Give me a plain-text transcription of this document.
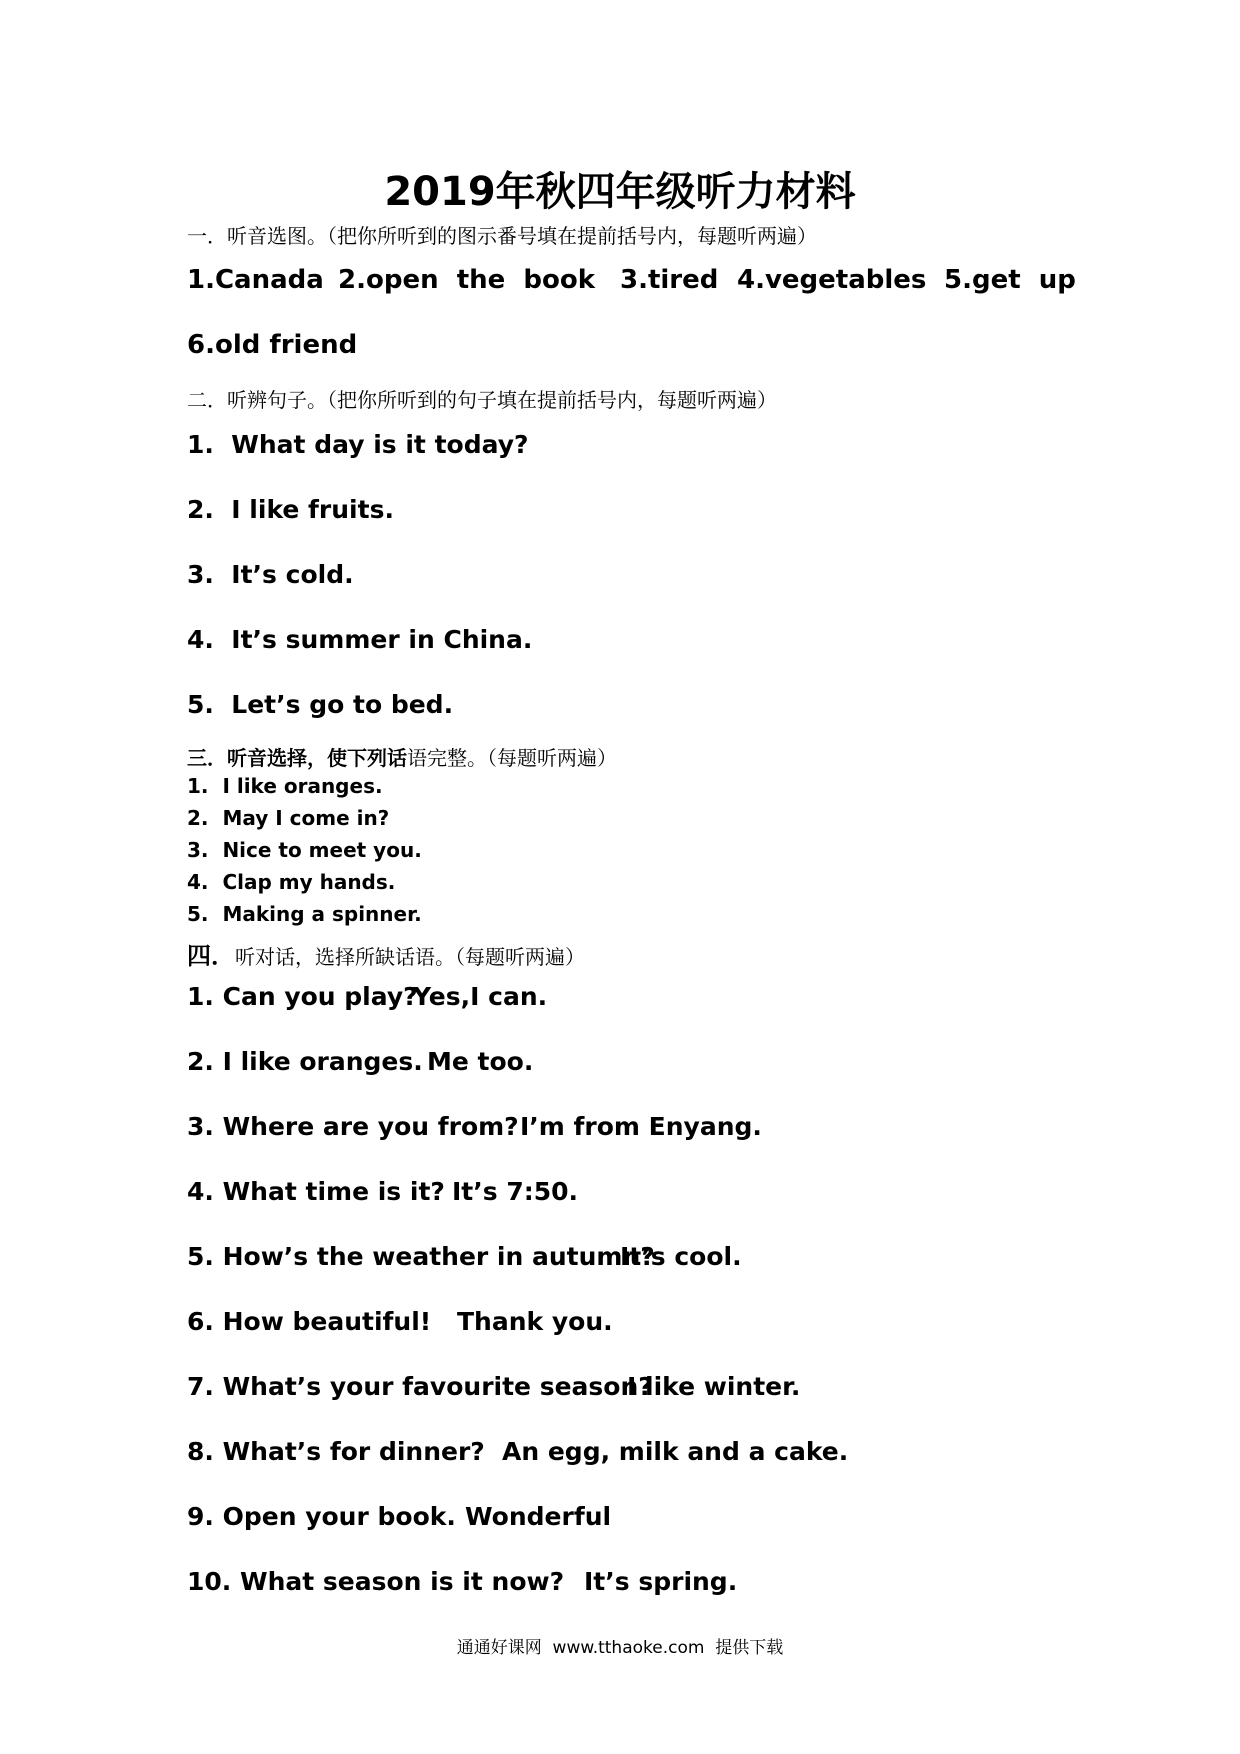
2019年秋四年级听力材料
一．听音选图。（把你所听到的图示番号填在提前括号内，每题听两遍）
1.Canada 2.open  the  book 3.tired 4.vegetables 5.get  up
6.old friend
二．听辨句子。（把你所听到的句子填在提前括号内，每题听两遍）
1.  What day is it today?
2.  I like fruits.
3.  It’s cold.
4.  It’s summer in China.
5.  Let’s go to bed.
三．听音选择，使下列话语完整。（每题听两遍）
1.  I like oranges.
2.  May I come in?
3.  Nice to meet you.
4.  Clap my hands.
5.  Making a spinner.
四．听对话，选择所缺话语。（每题听两遍）
1. Can you play?
Yes,I can.
2. I like oranges. Me too.
3. Where are you from? I’m from Enyang.
4. What time is it? It’s 7:50.
5. How’s the weather in autumn?
It’s cool.
6. How beautiful! Thank you.
7. What’s your favourite season?
I like winter.
8. What’s for dinner? An egg, milk and a cake.
9. Open your book. Wonderful
10. What season is it now? It’s spring.
通通好课网  www.tthaoke.com  提供下载
